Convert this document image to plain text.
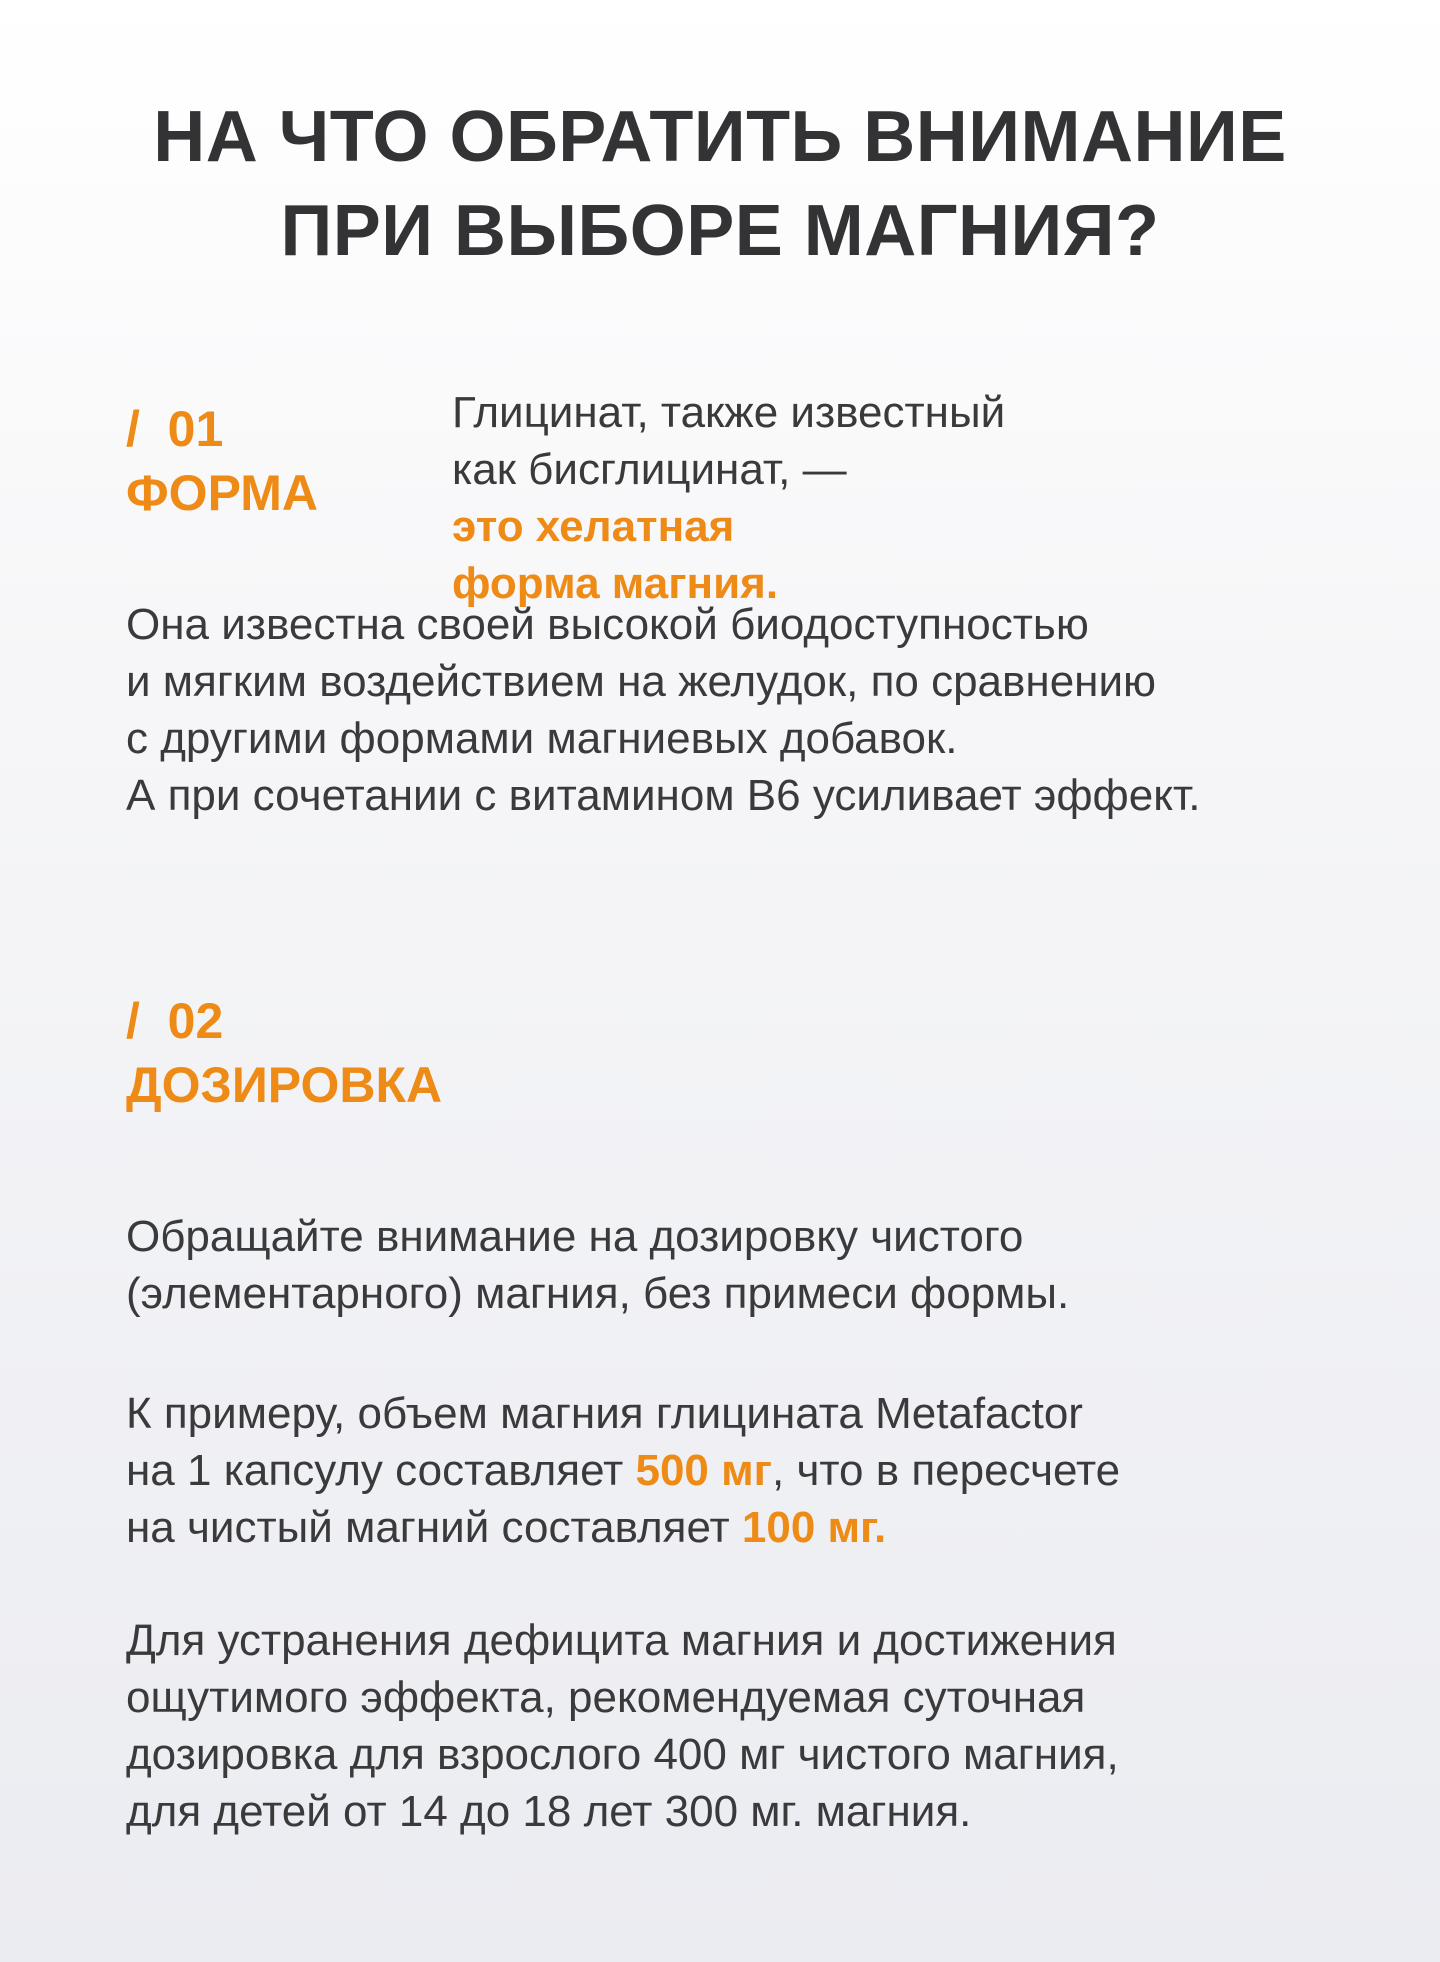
НА ЧТО ОБРАТИТЬ ВНИМАНИЕ
ПРИ ВЫБОРЕ МАГНИЯ?
/  01
ФОРМА
Глицинат, также известный
как бисглицинат, —
это хелатная
форма магния.
Она известна своей высокой биодоступностью
и мягким воздействием на желудок, по сравнению
с другими формами магниевых добавок.
А при сочетании с витамином B6 усиливает эффект.
/  02
ДОЗИРОВКА
Обращайте внимание на дозировку чистого
(элементарного) магния, без примеси формы.
К примеру, объем магния глицината Metafactor
на 1 капсулу составляет 500 мг, что в пересчете
на чистый магний составляет 100 мг.
Для устранения дефицита магния и достижения
ощутимого эффекта, рекомендуемая суточная
дозировка для взрослого 400 мг чистого магния,
для детей от 14 до 18 лет 300 мг. магния.
